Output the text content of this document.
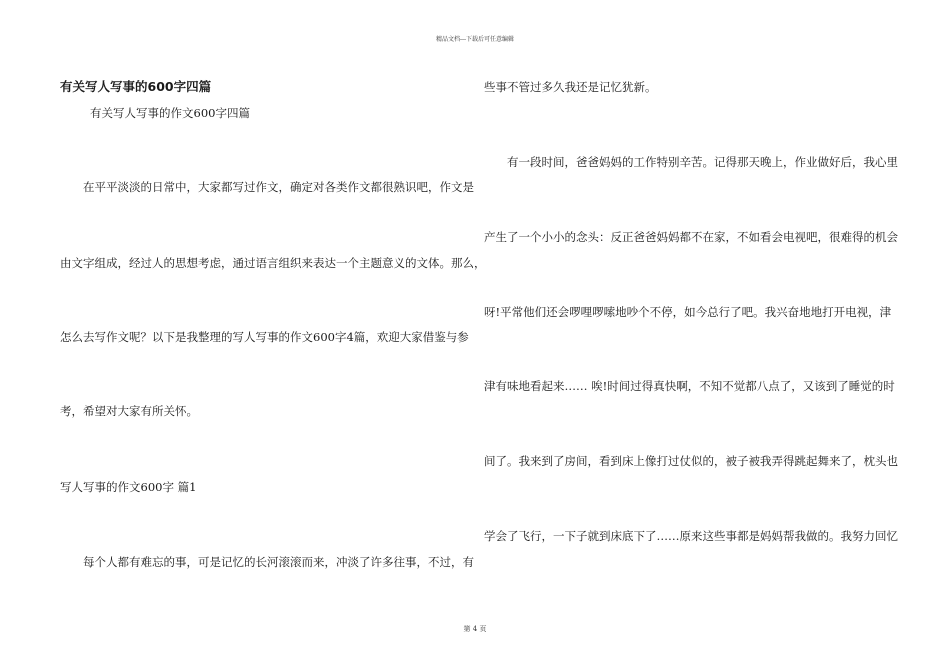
精品文档---下载后可任意编辑
有关写人写事的600字四篇
有关写人写事的作文600字四篇
在平平淡淡的日常中，大家都写过作文，确定对各类作文都很熟识吧，作文是
由文字组成，经过人的思想考虑，通过语言组织来表达一个主题意义的文体。那么，
怎么去写作文呢？以下是我整理的写人写事的作文600字4篇，欢迎大家借鉴与参
考，希望对大家有所关怀。
写人写事的作文600字 篇1
每个人都有难忘的事，可是记忆的长河滚滚而来，冲淡了许多往事，不过，有
些事不管过多久我还是记忆犹新。
有一段时间，爸爸妈妈的工作特别辛苦。记得那天晚上，作业做好后，我心里
产生了一个小小的念头：反正爸爸妈妈都不在家，不如看会电视吧，很难得的机会
呀!平常他们还会啰哩啰嗦地吵个不停，如今总行了吧。我兴奋地地打开电视，津
津有味地看起来…… 唉!时间过得真快啊，不知不觉都八点了，又该到了睡觉的时
间了。我来到了房间，看到床上像打过仗似的，被子被我弄得跳起舞来了，枕头也
学会了飞行，一下子就到床底下了……原来这些事都是妈妈帮我做的。我努力回忆
第 4 页
